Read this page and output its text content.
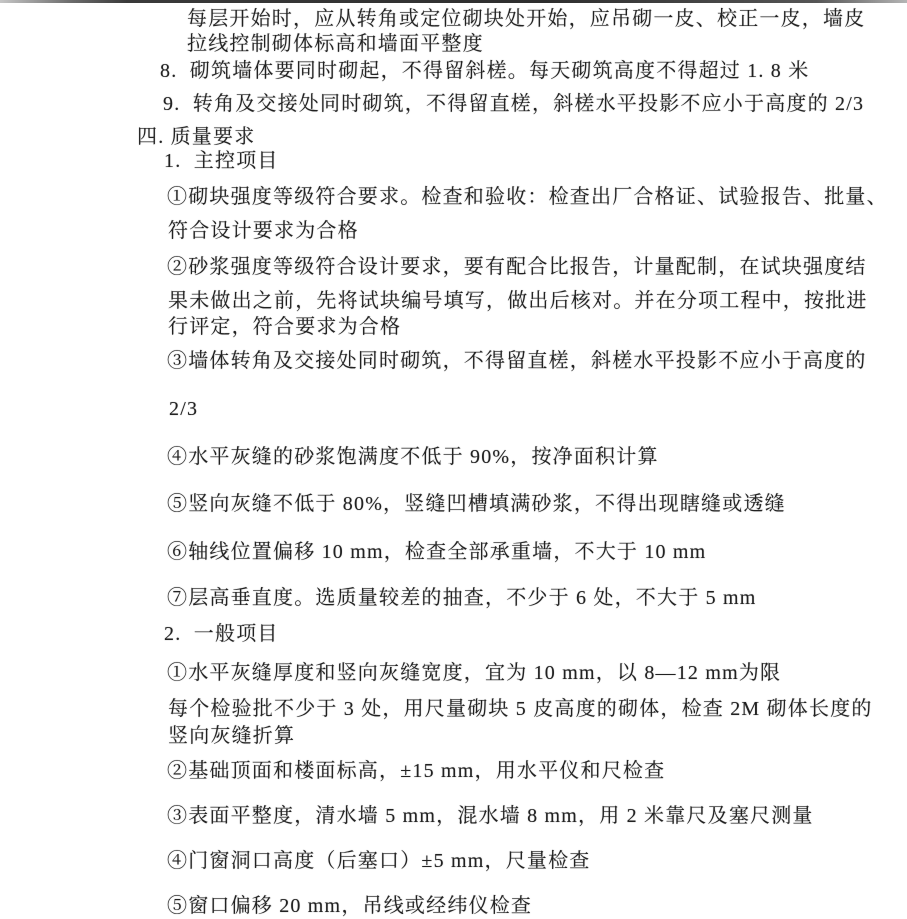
每层开始时，应从转角或定位砌块处开始，应吊砌一皮、校正一皮，墙皮
拉线控制砌体标高和墙面平整度
8.  砌筑墙体要同时砌起，不得留斜槎。每天砌筑高度不得超过 1. 8 米
9.  转角及交接处同时砌筑，不得留直槎，斜槎水平投影不应小于高度的 2/3
四. 质量要求
1.  主控项目
①砌块强度等级符合要求。检查和验收：检查出厂合格证、试验报告、批量、
符合设计要求为合格
②砂浆强度等级符合设计要求，要有配合比报告，计量配制，在试块强度结
果未做出之前，先将试块编号填写，做出后核对。并在分项工程中，按批进
行评定，符合要求为合格
③墙体转角及交接处同时砌筑，不得留直槎，斜槎水平投影不应小于高度的
2/3
④水平灰缝的砂浆饱满度不低于 90%，按净面积计算
⑤竖向灰缝不低于 80%，竖缝凹槽填满砂浆，不得出现瞎缝或透缝
⑥轴线位置偏移 10 mm，检查全部承重墙，不大于 10 mm
⑦层高垂直度。选质量较差的抽查，不少于 6 处，不大于 5 mm
2.  一般项目
①水平灰缝厚度和竖向灰缝宽度，宜为 10 mm，以 8—12 mm为限
每个检验批不少于 3 处，用尺量砌块 5 皮高度的砌体，检查 2M 砌体长度的
竖向灰缝折算
②基础顶面和楼面标高，±15 mm，用水平仪和尺检查
③表面平整度，清水墙 5 mm，混水墙 8 mm，用 2 米靠尺及塞尺测量
④门窗洞口高度（后塞口）±5 mm，尺量检查
⑤窗口偏移 20 mm，吊线或经纬仪检查
